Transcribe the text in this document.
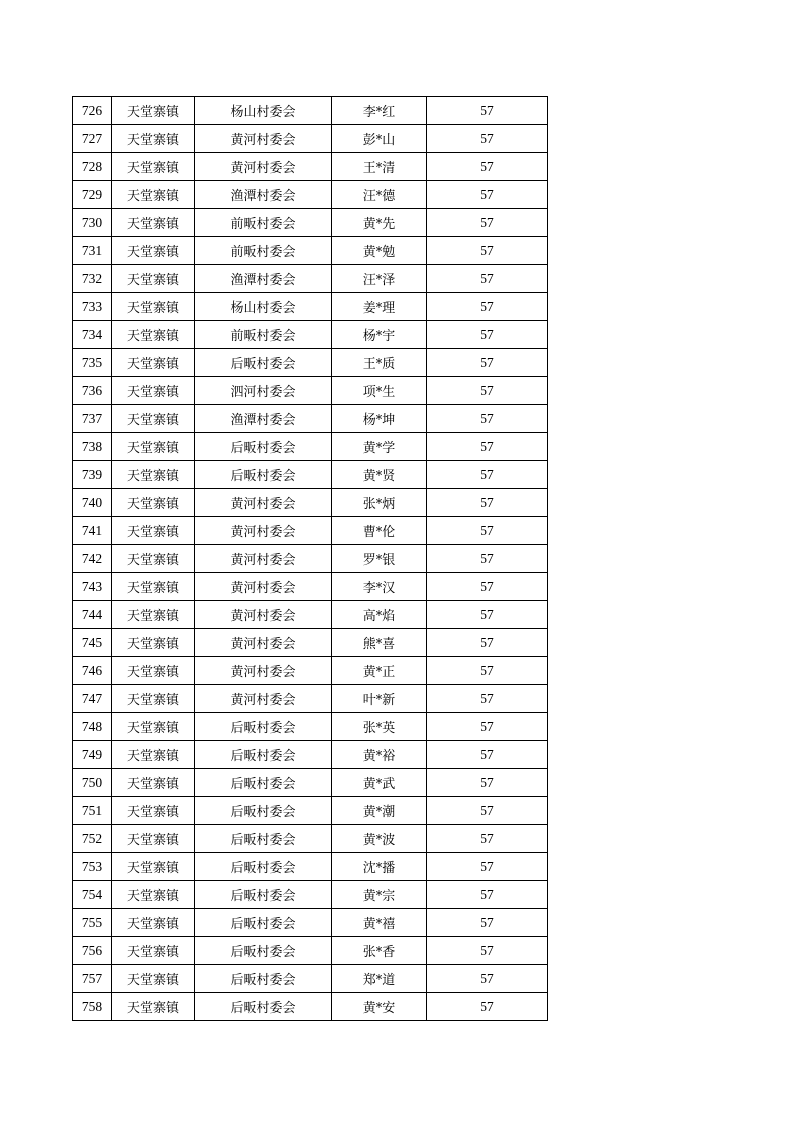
726	天堂寨镇	杨山村委会	李*红	57
727	天堂寨镇	黄河村委会	彭*山	57
728	天堂寨镇	黄河村委会	王*清	57
729	天堂寨镇	渔潭村委会	汪*德	57
730	天堂寨镇	前畈村委会	黄*先	57
731	天堂寨镇	前畈村委会	黄*勉	57
732	天堂寨镇	渔潭村委会	汪*泽	57
733	天堂寨镇	杨山村委会	姜*理	57
734	天堂寨镇	前畈村委会	杨*宇	57
735	天堂寨镇	后畈村委会	王*质	57
736	天堂寨镇	泗河村委会	项*生	57
737	天堂寨镇	渔潭村委会	杨*坤	57
738	天堂寨镇	后畈村委会	黄*学	57
739	天堂寨镇	后畈村委会	黄*贤	57
740	天堂寨镇	黄河村委会	张*炳	57
741	天堂寨镇	黄河村委会	曹*伦	57
742	天堂寨镇	黄河村委会	罗*银	57
743	天堂寨镇	黄河村委会	李*汉	57
744	天堂寨镇	黄河村委会	高*焰	57
745	天堂寨镇	黄河村委会	熊*喜	57
746	天堂寨镇	黄河村委会	黄*正	57
747	天堂寨镇	黄河村委会	叶*新	57
748	天堂寨镇	后畈村委会	张*英	57
749	天堂寨镇	后畈村委会	黄*裕	57
750	天堂寨镇	后畈村委会	黄*武	57
751	天堂寨镇	后畈村委会	黄*潮	57
752	天堂寨镇	后畈村委会	黄*波	57
753	天堂寨镇	后畈村委会	沈*播	57
754	天堂寨镇	后畈村委会	黄*宗	57
755	天堂寨镇	后畈村委会	黄*禧	57
756	天堂寨镇	后畈村委会	张*香	57
757	天堂寨镇	后畈村委会	郑*道	57
758	天堂寨镇	后畈村委会	黄*安	57
